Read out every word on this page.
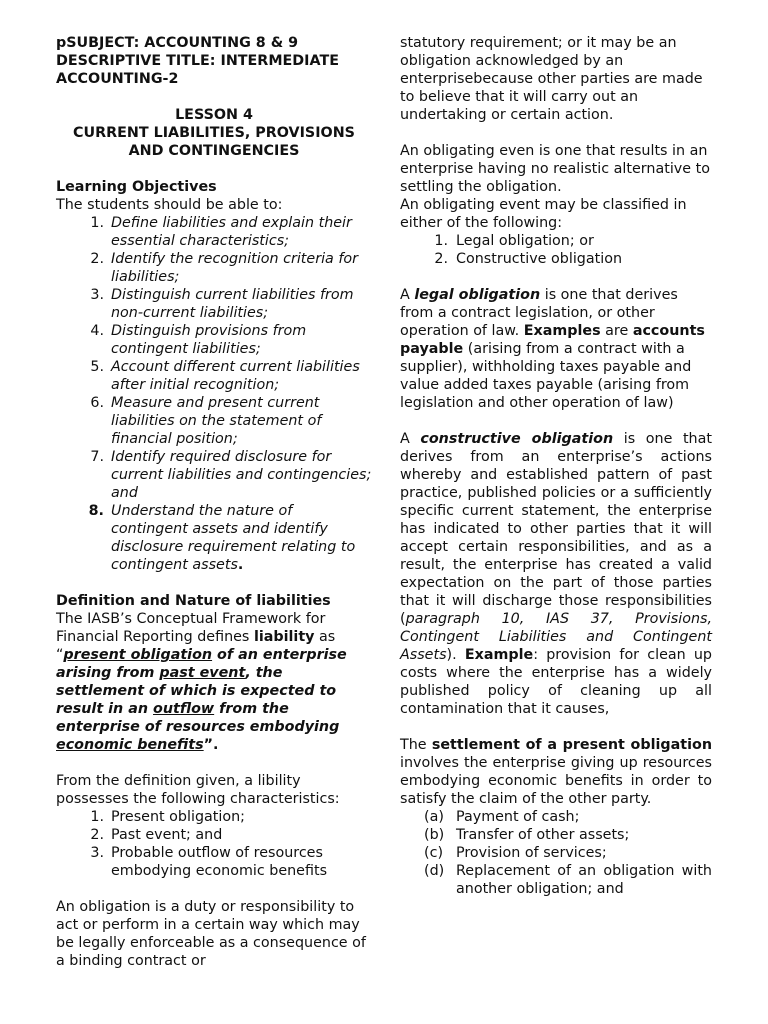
pSUBJECT: ACCOUNTING 8 & 9

DESCRIPTIVE TITLE: INTERMEDIATE ACCOUNTING-2

LESSON 4

CURRENT LIABILITIES, PROVISIONS AND CONTINGENCIES

Learning Objectives

The students should be able to:

1. Define liabilities and explain their essential characteristics;
2. Identify the recognition criteria for liabilities;
3. Distinguish current liabilities from non-current liabilities;
4. Distinguish provisions from contingent liabilities;
5. Account different current liabilities after initial recognition;
6. Measure and present current liabilities on the statement of financial position;
7. Identify required disclosure for current liabilities and contingencies; and
8. Understand the nature of contingent assets and identify disclosure requirement relating to contingent assets.

Definition and Nature of liabilities

The IASB’s Conceptual Framework for Financial Reporting defines liability as

“present obligation of an enterprise arising from past event, the settlement of which is expected to result in an outflow from the enterprise of resources embodying economic benefits”.

From the definition given, a libility possesses the following characteristics:

1. Present obligation;
2. Past event; and
3. Probable outflow of resources embodying economic benefits

An obligation is a duty or responsibility to act or perform in a certain way which may be legally enforceable as a consequence of a binding contract or

statutory requirement; or it may be an obligation acknowledged by an enterprisebecause other parties are made to believe that it will carry out an undertaking or certain action.

An obligating even is one that results in an enterprise having no realistic alternative to settling the obligation.

An obligating event may be classified in either of the following:

1. Legal obligation; or
2. Constructive obligation

A legal obligation is one that derives from a contract legislation, or other operation of law. Examples are accounts payable (arising from a contract with a supplier), withholding taxes payable and value added taxes payable (arising from legislation and other operation of law)

A constructive obligation is one that derives from an enterprise’s actions whereby and established pattern of past practice, published policies or a sufficiently specific current statement, the enterprise has indicated to other parties that it will accept certain responsibilities, and as a result, the enterprise has created a valid expectation on the part of those parties that it will discharge those responsibilities (paragraph 10, IAS 37, Provisions, Contingent Liabilities and Contingent Assets). Example: provision for clean up costs where the enterprise has a widely published policy of cleaning up all contamination that it causes,

The settlement of a present obligation involves the enterprise giving up resources embodying economic benefits in order to satisfy the claim of the other party.

(a) Payment of cash;
(b) Transfer of other assets;
(c) Provision of services;
(d) Replacement of an obligation with another obligation; and
